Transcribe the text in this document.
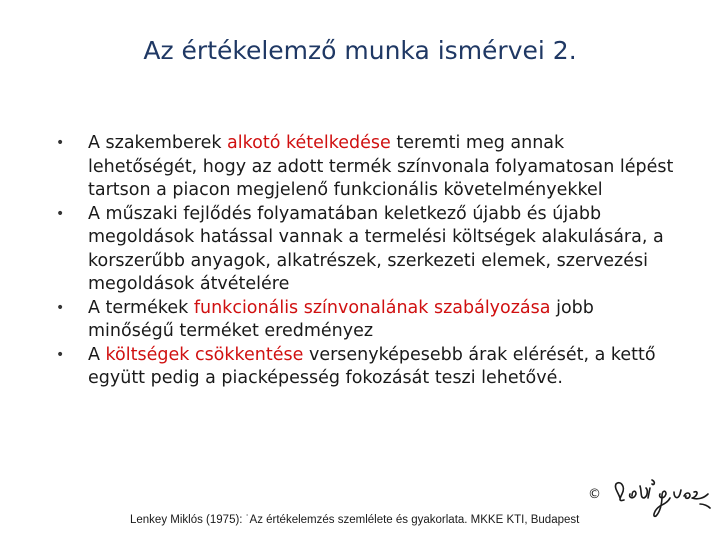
Az értékelemző munka ismérvei 2.
• A szakemberek alkotó kételkedése teremti meg annak lehetőségét, hogy az adott termék színvonala folyamatosan lépést tartson a piacon megjelenő funkcionális követelményekkel
• A műszaki fejlődés folyamatában keletkező újabb és újabb megoldások hatással vannak a termelési költségek alakulására, a korszerűbb anyagok, alkatrészek, szerkezeti elemek, szervezési megoldások átvételére
• A termékek funkcionális színvonalának szabályozása jobb minőségű terméket eredményez
• A költségek csökkentése versenyképesebb árak elérését, a kettő együtt pedig a piacképesség fokozását teszi lehetővé.
©
Lenkey Miklós (1975): ˙Az értékelemzés szemlélete és gyakorlata. MKKE KTI, Budapest
